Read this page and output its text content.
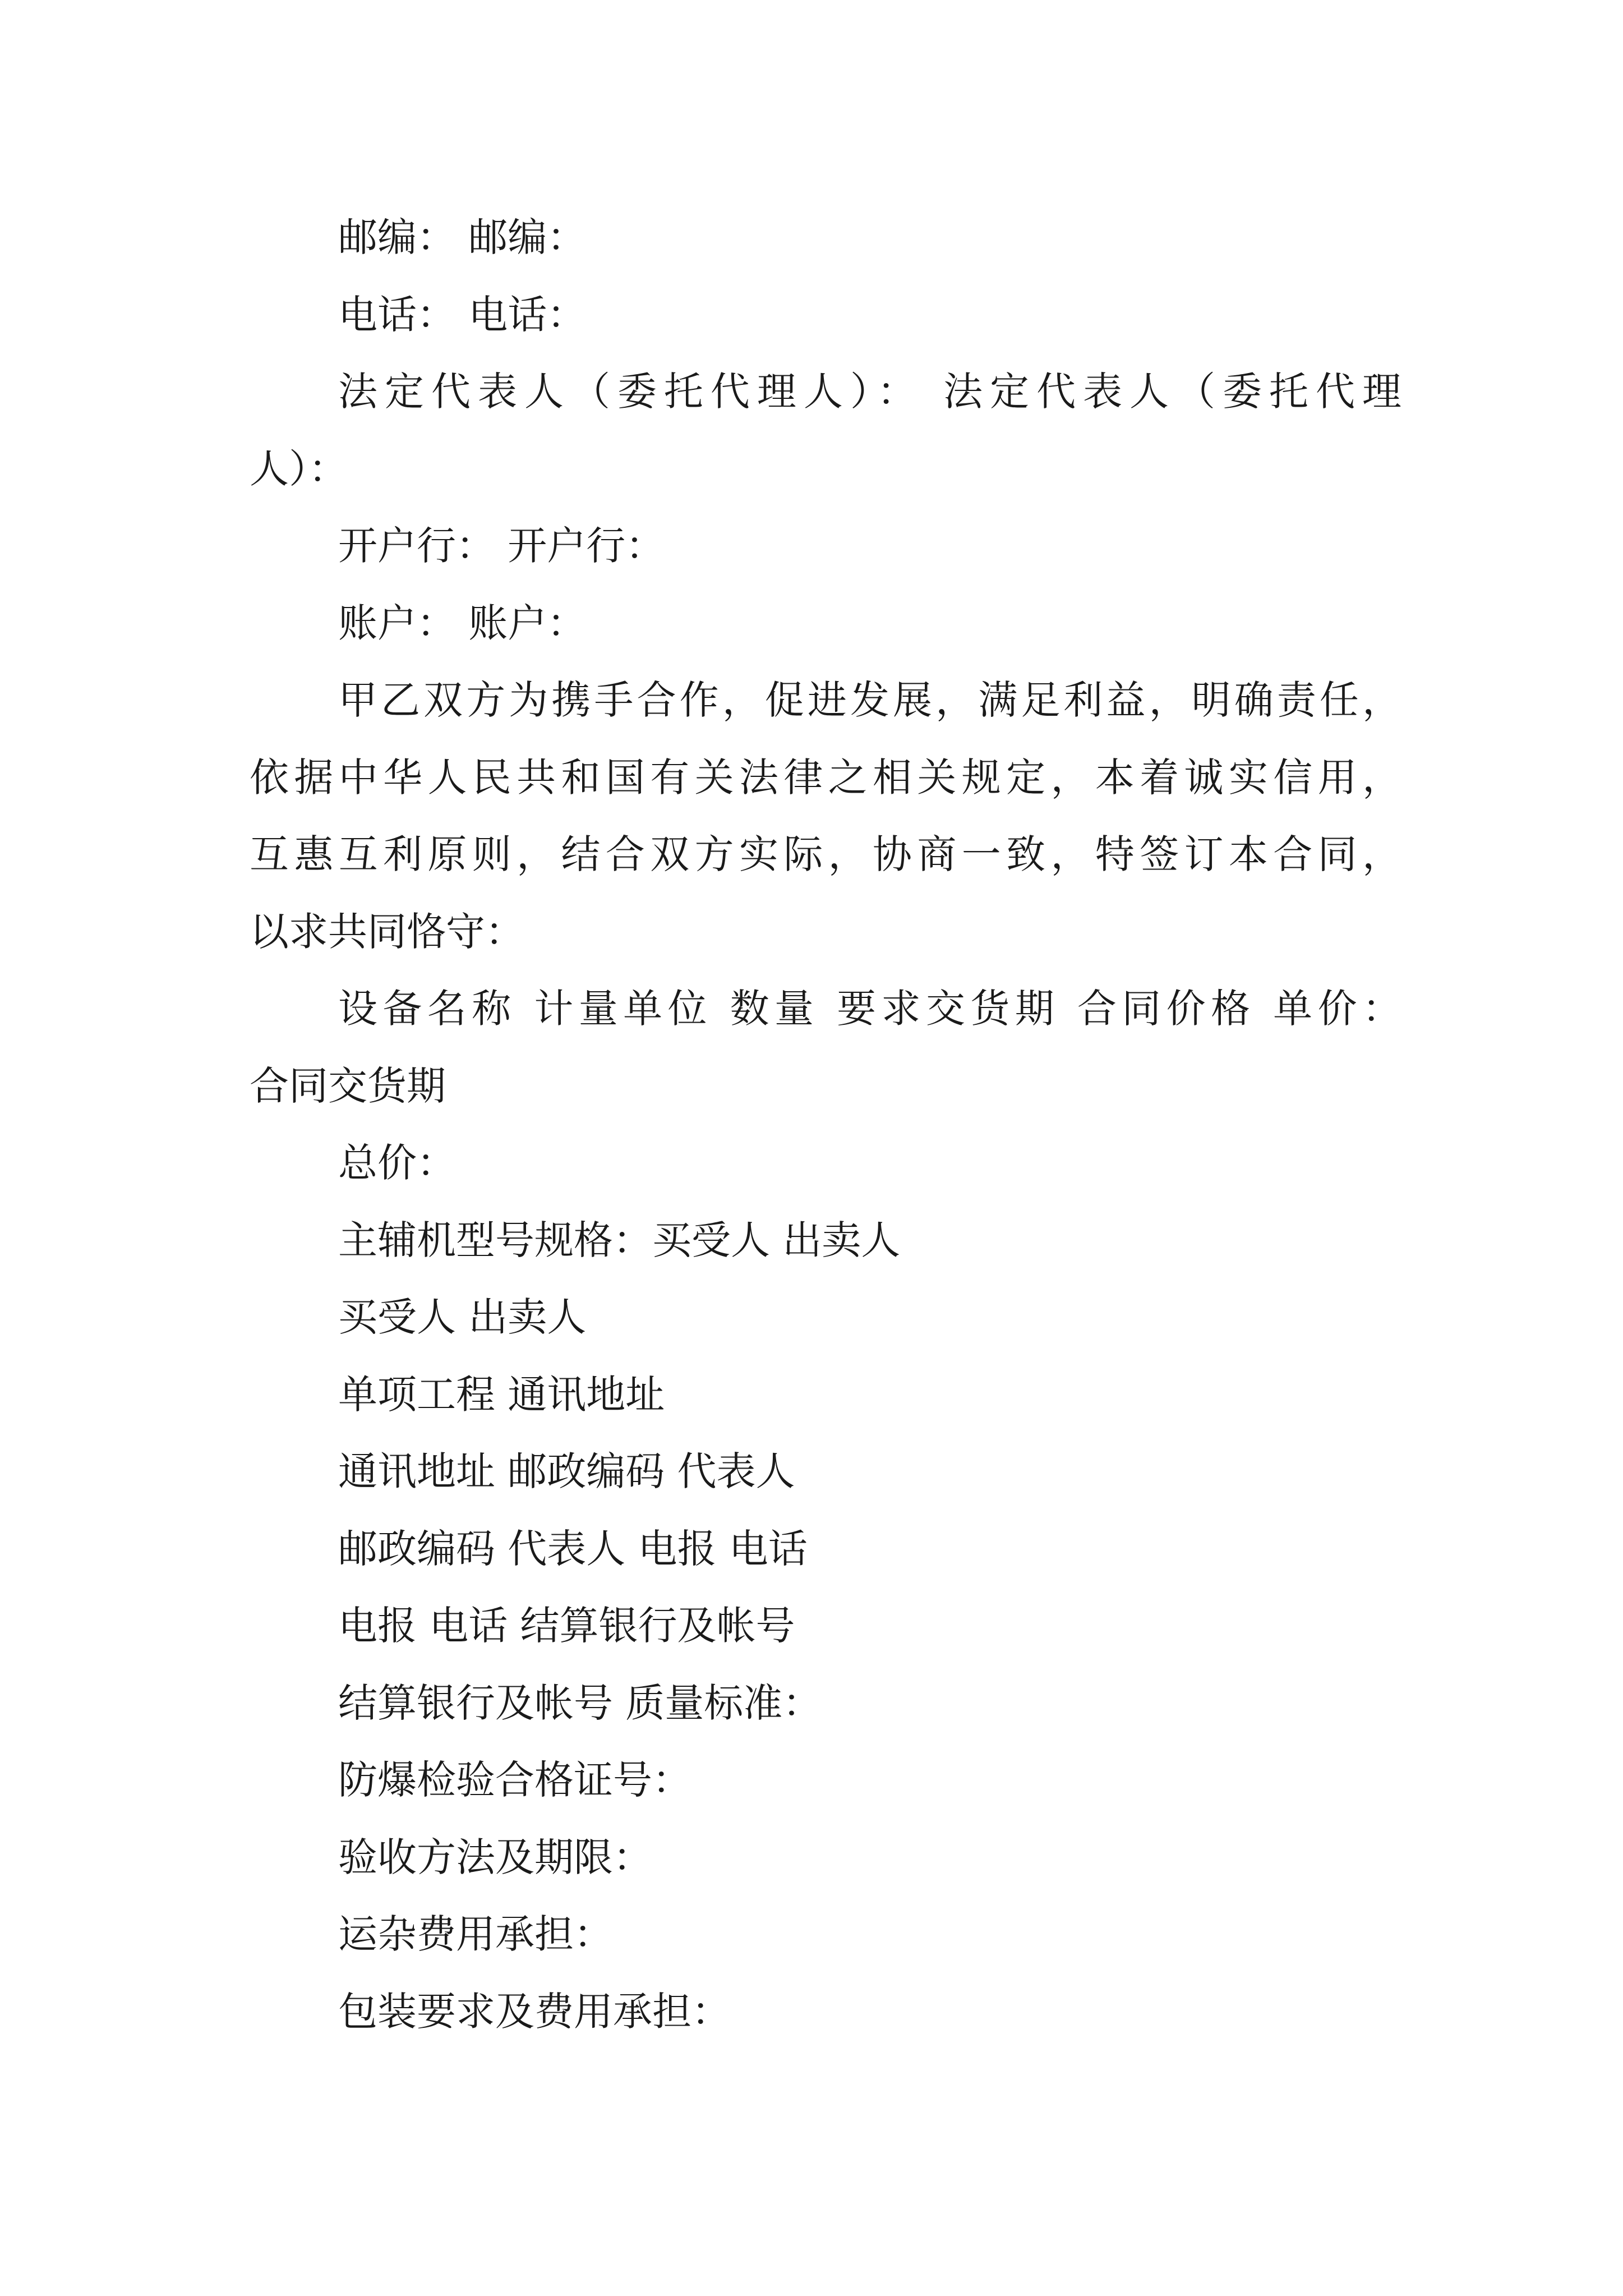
邮编： 邮编：
电话： 电话：
法定代表人（委托代理人）： 法定代表人（委托代理
人）：
开户行： 开户行：
账户： 账户：
甲乙双方为携手合作，促进发展，满足利益，明确责任，
依据中华人民共和国有关法律之相关规定，本着诚实信用，
互惠互利原则，结合双方实际，协商一致，特签订本合同，
以求共同恪守：
设备名称 计量单位 数量 要求交货期 合同价格 单价：
合同交货期
总价：
主辅机型号规格：买受人 出卖人
买受人 出卖人
单项工程 通讯地址
通讯地址 邮政编码 代表人
邮政编码 代表人 电报 电话
电报 电话 结算银行及帐号
结算银行及帐号 质量标准：
防爆检验合格证号：
验收方法及期限：
运杂费用承担：
包装要求及费用承担：
